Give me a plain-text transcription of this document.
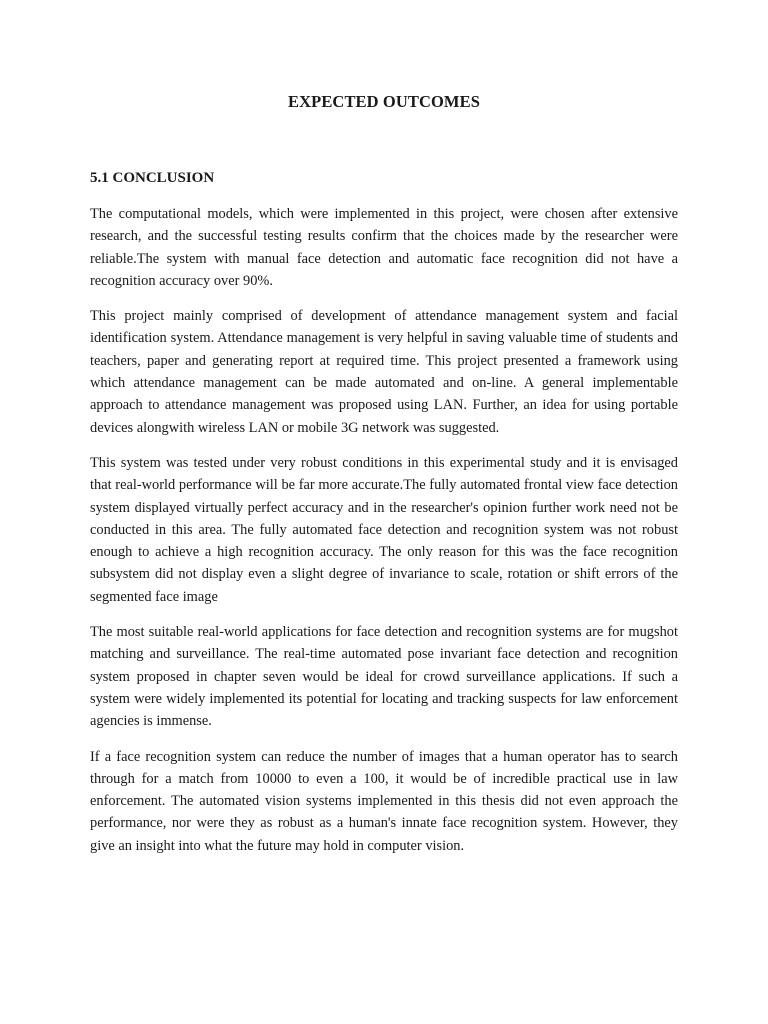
EXPECTED OUTCOMES
5.1 CONCLUSION

The computational models, which were implemented in this project, were chosen after extensive research, and the successful testing results confirm that the choices made by the researcher were reliable.The system with manual face detection and automatic face recognition did not have a recognition accuracy over 90%.

This project mainly comprised of development of attendance management system and facial identification system. Attendance management is very helpful in saving valuable time of students and teachers, paper and generating report at required time. This project presented a framework using which attendance management can be made automated and on-line. A general implementable approach to attendance management was proposed using LAN. Further, an idea for using portable devices alongwith wireless LAN or mobile 3G network was suggested.

This system was tested under very robust conditions in this experimental study and it is envisaged that real-world performance will be far more accurate.The fully automated frontal view face detection system displayed virtually perfect accuracy and in the researcher's opinion further work need not be conducted in this area. The fully automated face detection and recognition system was not robust enough to achieve a high recognition accuracy. The only reason for this was the face recognition subsystem did not display even a slight degree of invariance to scale, rotation or shift errors of the segmented face image

The most suitable real-world applications for face detection and recognition systems are for mugshot matching and surveillance. The real-time automated pose invariant face detection and recognition system proposed in chapter seven would be ideal for crowd surveillance applications. If such a system were widely implemented its potential for locating and tracking suspects for law enforcement agencies is immense.

If a face recognition system can reduce the number of images that a human operator has to search through for a match from 10000 to even a 100, it would be of incredible practical use in law enforcement. The automated vision systems implemented in this thesis did not even approach the performance, nor were they as robust as a human's innate face recognition system. However, they give an insight into what the future may hold in computer vision.
